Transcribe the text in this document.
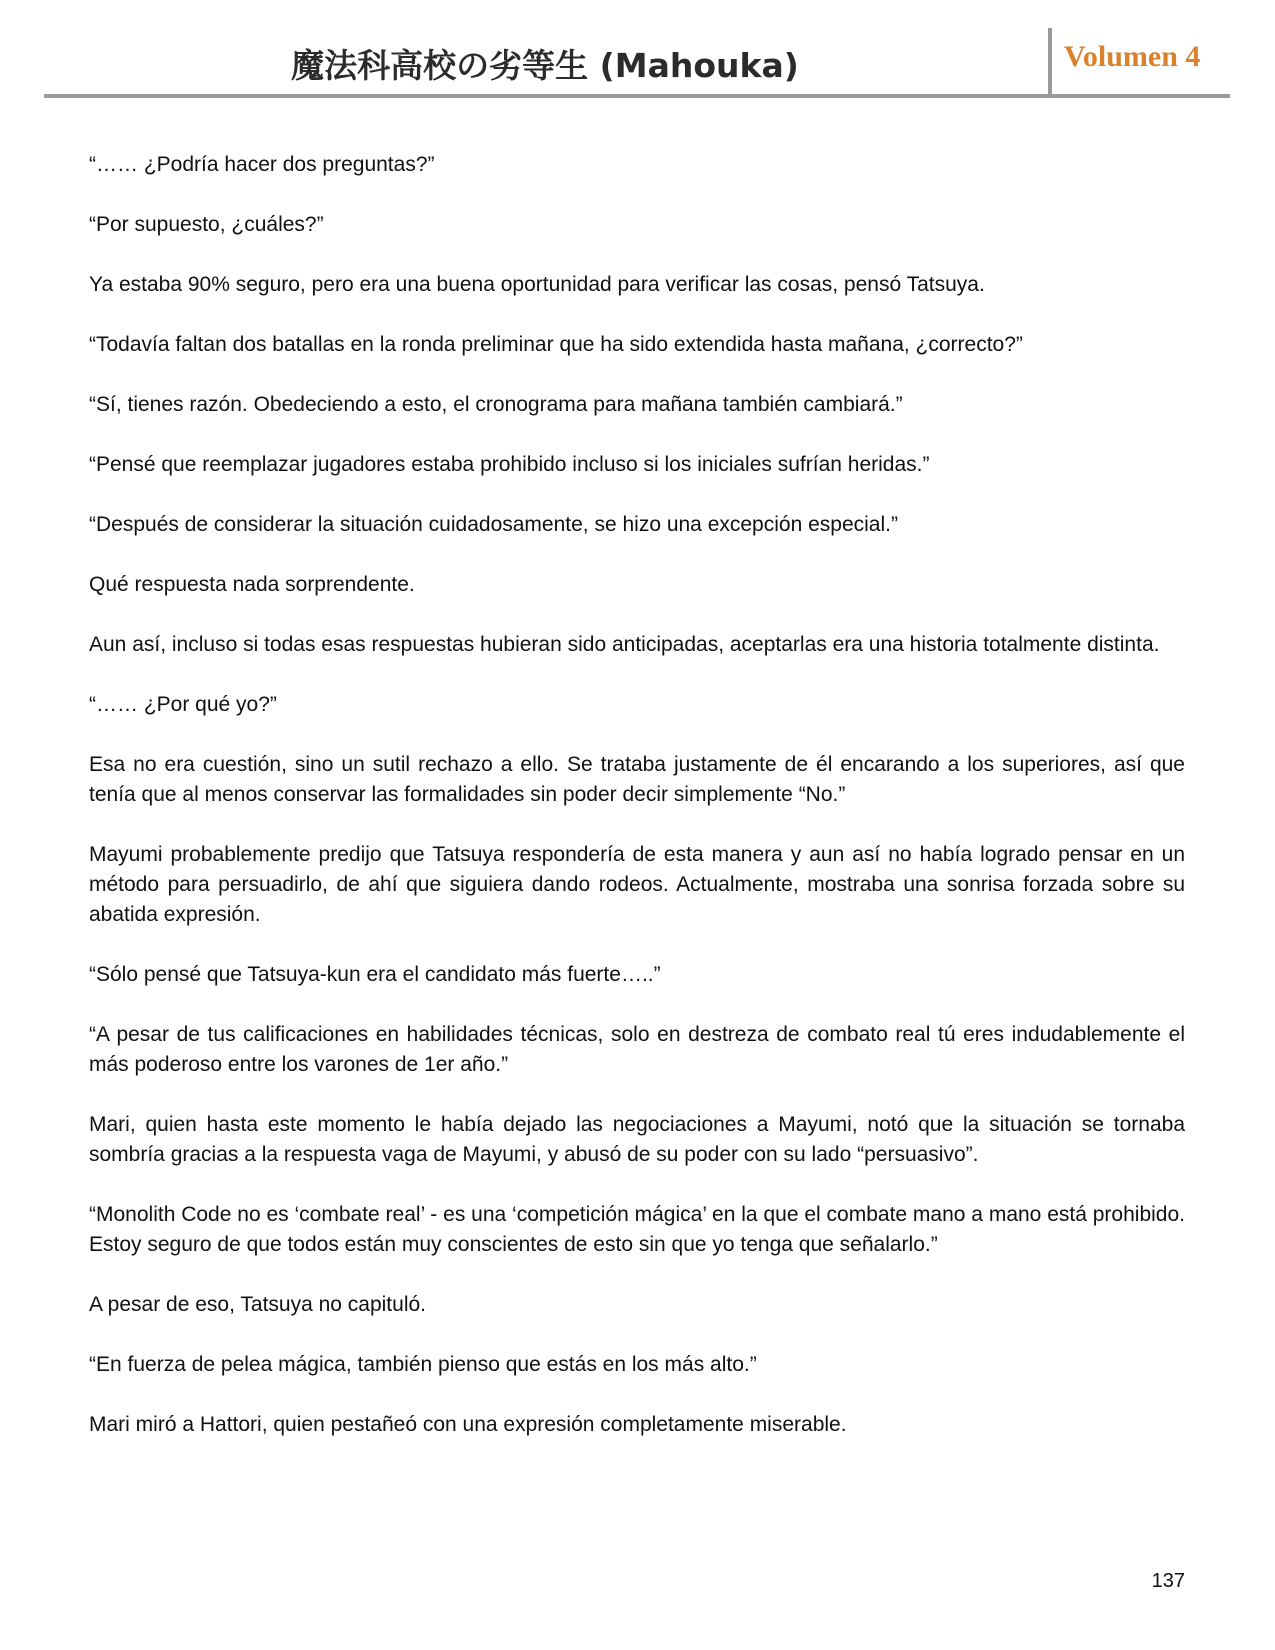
魔法科高校の劣等生 (Mahouka)	Volumen 4

“…… ¿Podría hacer dos preguntas?”

“Por supuesto, ¿cuáles?”

Ya estaba 90% seguro, pero era una buena oportunidad para verificar las cosas, pensó Tatsuya.

“Todavía faltan dos batallas en la ronda preliminar que ha sido extendida hasta mañana, ¿correcto?”

“Sí, tienes razón. Obedeciendo a esto, el cronograma para mañana también cambiará.”

“Pensé que reemplazar jugadores estaba prohibido incluso si los iniciales sufrían heridas.”

“Después de considerar la situación cuidadosamente, se hizo una excepción especial.”

Qué respuesta nada sorprendente.

Aun así, incluso si todas esas respuestas hubieran sido anticipadas, aceptarlas era una historia totalmente distinta.

“…… ¿Por qué yo?”

Esa no era cuestión, sino un sutil rechazo a ello. Se trataba justamente de él encarando a los superiores, así que tenía que al menos conservar las formalidades sin poder decir simplemente “No.”

Mayumi probablemente predijo que Tatsuya respondería de esta manera y aun así no había logrado pensar en un método para persuadirlo, de ahí que siguiera dando rodeos. Actualmente, mostraba una sonrisa forzada sobre su abatida expresión.

“Sólo pensé que Tatsuya-kun era el candidato más fuerte…..”

“A pesar de tus calificaciones en habilidades técnicas, solo en destreza de combato real tú eres indudablemente el más poderoso entre los varones de 1er año.”

Mari, quien hasta este momento le había dejado las negociaciones a Mayumi, notó que la situación se tornaba sombría gracias a la respuesta vaga de Mayumi, y abusó de su poder con su lado “persuasivo”.

“Monolith Code no es ‘combate real’ - es una ‘competición mágica’ en la que el combate mano a mano está prohibido. Estoy seguro de que todos están muy conscientes de esto sin que yo tenga que señalarlo.”

A pesar de eso, Tatsuya no capituló.

“En fuerza de pelea mágica, también pienso que estás en los más alto.”

Mari miró a Hattori, quien pestañeó con una expresión completamente miserable.

137
